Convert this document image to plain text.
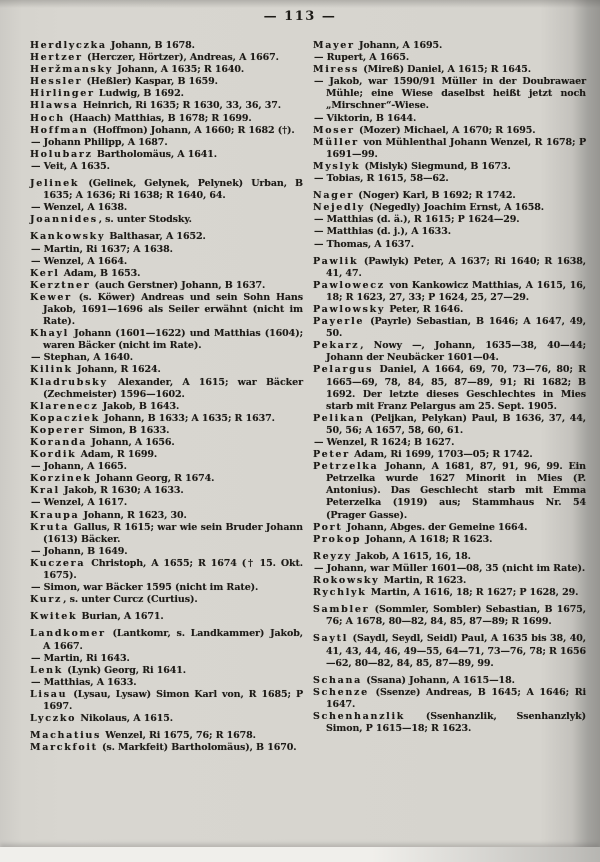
— 113 —

Herdlyczka Johann, B 1678.

Hertzer (Herczer, Hörtzer), Andreas, A 1667.

Heržmansky Johann, A 1635; R 1640.

Hessler (Heßler) Kaspar, B 1659.

Hirlinger Ludwig, B 1692.

Hlawsa Heinrich, Ri 1635; R 1630, 33, 36, 37.

Hoch (Haach) Matthias, B 1678; R 1699.

Hoffman (Hoffmon) Johann, A 1660; R 1682 (†).

— Johann Philipp, A 1687.

Holubarz Bartholomäus, A 1641.

— Veit, A 1635.

Jelinek (Gelinek, Gelynek, Pelynek) Urban, B 1635; A 1636; Ri 1638; R 1640, 64.

— Wenzel, A 1638.

Joannides, s. unter Stodsky.

Kankowsky Balthasar, A 1652.

— Martin, Ri 1637; A 1638.

— Wenzel, A 1664.

Kerl Adam, B 1653.

Kerztner (auch Gerstner) Johann, B 1637.

Kewer (s. Köwer) Andreas und sein Sohn Hans Jakob, 1691—1696 als Seiler erwähnt (nicht im Rate).

Khayl Johann (1601—1622) und Matthias (1604); waren Bäcker (nicht im Rate).

— Stephan, A 1640.

Kilink Johann, R 1624.

Kladrubsky Alexander, A 1615; war Bäcker (Zechmeister) 1596—1602.

Klarenecz Jakob, B 1643.

Kopacziek Johann, B 1633; A 1635; R 1637.

Koperer Simon, B 1633.

Koranda Johann, A 1656.

Kordik Adam, R 1699.

— Johann, A 1665.

Korzinek Johann Georg, R 1674.

Kral Jakob, R 1630; A 1633.

— Wenzel, A 1617.

Kraupa Johann, R 1623, 30.

Kruta Gallus, R 1615; war wie sein Bruder Johann (1613) Bäcker.

— Johann, B 1649.

Kuczera Christoph, A 1655; R 1674 († 15. Okt. 1675).

— Simon, war Bäcker 1595 (nicht im Rate).

Kurz, s. unter Curcz (Curtius).

Kwitek Burian, A 1671.

Landkomer (Lantkomr, s. Landkammer) Jakob, A 1667.

— Martin, Ri 1643.

Lenk (Lynk) Georg, Ri 1641.

— Matthias, A 1633.

Lisau (Lysau, Lysaw) Simon Karl von, R 1685; P 1697.

Lyczko Nikolaus, A 1615.

Machatius Wenzel, Ri 1675, 76; R 1678.

Marckfoit (s. Markfeit) Bartholomäus), B 1670.

Mayer Johann, A 1695.

— Rupert, A 1665.

Miress (Mireß) Daniel, A 1615; R 1645.

— Jakob, war 1590/91 Müller in der Doubrawaer Mühle; eine Wiese daselbst heißt jetzt noch „Mirschner“-Wiese.

— Viktorin, B 1644.

Moser (Mozer) Michael, A 1670; R 1695.

Müller von Mühlenthal Johann Wenzel, R 1678; P 1691—99.

Myslyk (Mislyk) Siegmund, B 1673.

— Tobias, R 1615, 58—62.

Nager (Noger) Karl, B 1692; R 1742.

Nejedly (Negedly) Joachim Ernst, A 1658.

— Matthias (d. ä.), R 1615; P 1624—29.

— Matthias (d. j.), A 1633.

— Thomas, A 1637.

Pawlik (Pawlyk) Peter, A 1637; Ri 1640; R 1638, 41, 47.

Pawlowecz von Kankowicz Matthias, A 1615, 16, 18; R 1623, 27, 33; P 1624, 25, 27—29.

Pawlowsky Peter, R 1646.

Payerle (Payrle) Sebastian, B 1646; A 1647, 49, 50.

Pekarz, Nowy —, Johann, 1635—38, 40—44; Johann der Neubäcker 1601—04.

Pelargus Daniel, A 1664, 69, 70, 73—76, 80; R 1665—69, 78, 84, 85, 87—89, 91; Ri 1682; B 1692. Der letzte dieses Geschlechtes in Mies starb mit Franz Pelargus am 25. Sept. 1905.

Pelikan (Peljkan, Pelykan) Paul, B 1636, 37, 44, 50, 56; A 1657, 58, 60, 61.

— Wenzel, R 1624; B 1627.

Peter Adam, Ri 1699, 1703—05; R 1742.

Petrzelka Johann, A 1681, 87, 91, 96, 99. Ein Petrzelka wurde 1627 Minorit in Mies (P. Antonius). Das Geschlecht starb mit Emma Peterzelka (1919) aus; Stammhaus Nr. 54 (Prager Gasse).

Port Johann, Abges. der Gemeine 1664.

Prokop Johann, A 1618; R 1623.

Reyzy Jakob, A 1615, 16, 18.

— Johann, war Müller 1601—08, 35 (nicht im Rate).

Rokowsky Martin, R 1623.

Rychlyk Martin, A 1616, 18; R 1627; P 1628, 29.

Sambler (Sommler, Sombler) Sebastian, B 1675, 76; A 1678, 80—82, 84, 85, 87—89; R 1699.

Saytl (Saydl, Seydl, Seidl) Paul, A 1635 bis 38, 40, 41, 43, 44, 46, 49—55, 64—71, 73—76, 78; R 1656—62, 80—82, 84, 85, 87—89, 99.

Schana (Ssana) Johann, A 1615—18.

Schenze (Ssenze) Andreas, B 1645; A 1646; Ri 1647.

Schenhanzlik (Ssenhanzlik, Ssenhanzlyk) Simon, P 1615—18; R 1623.
